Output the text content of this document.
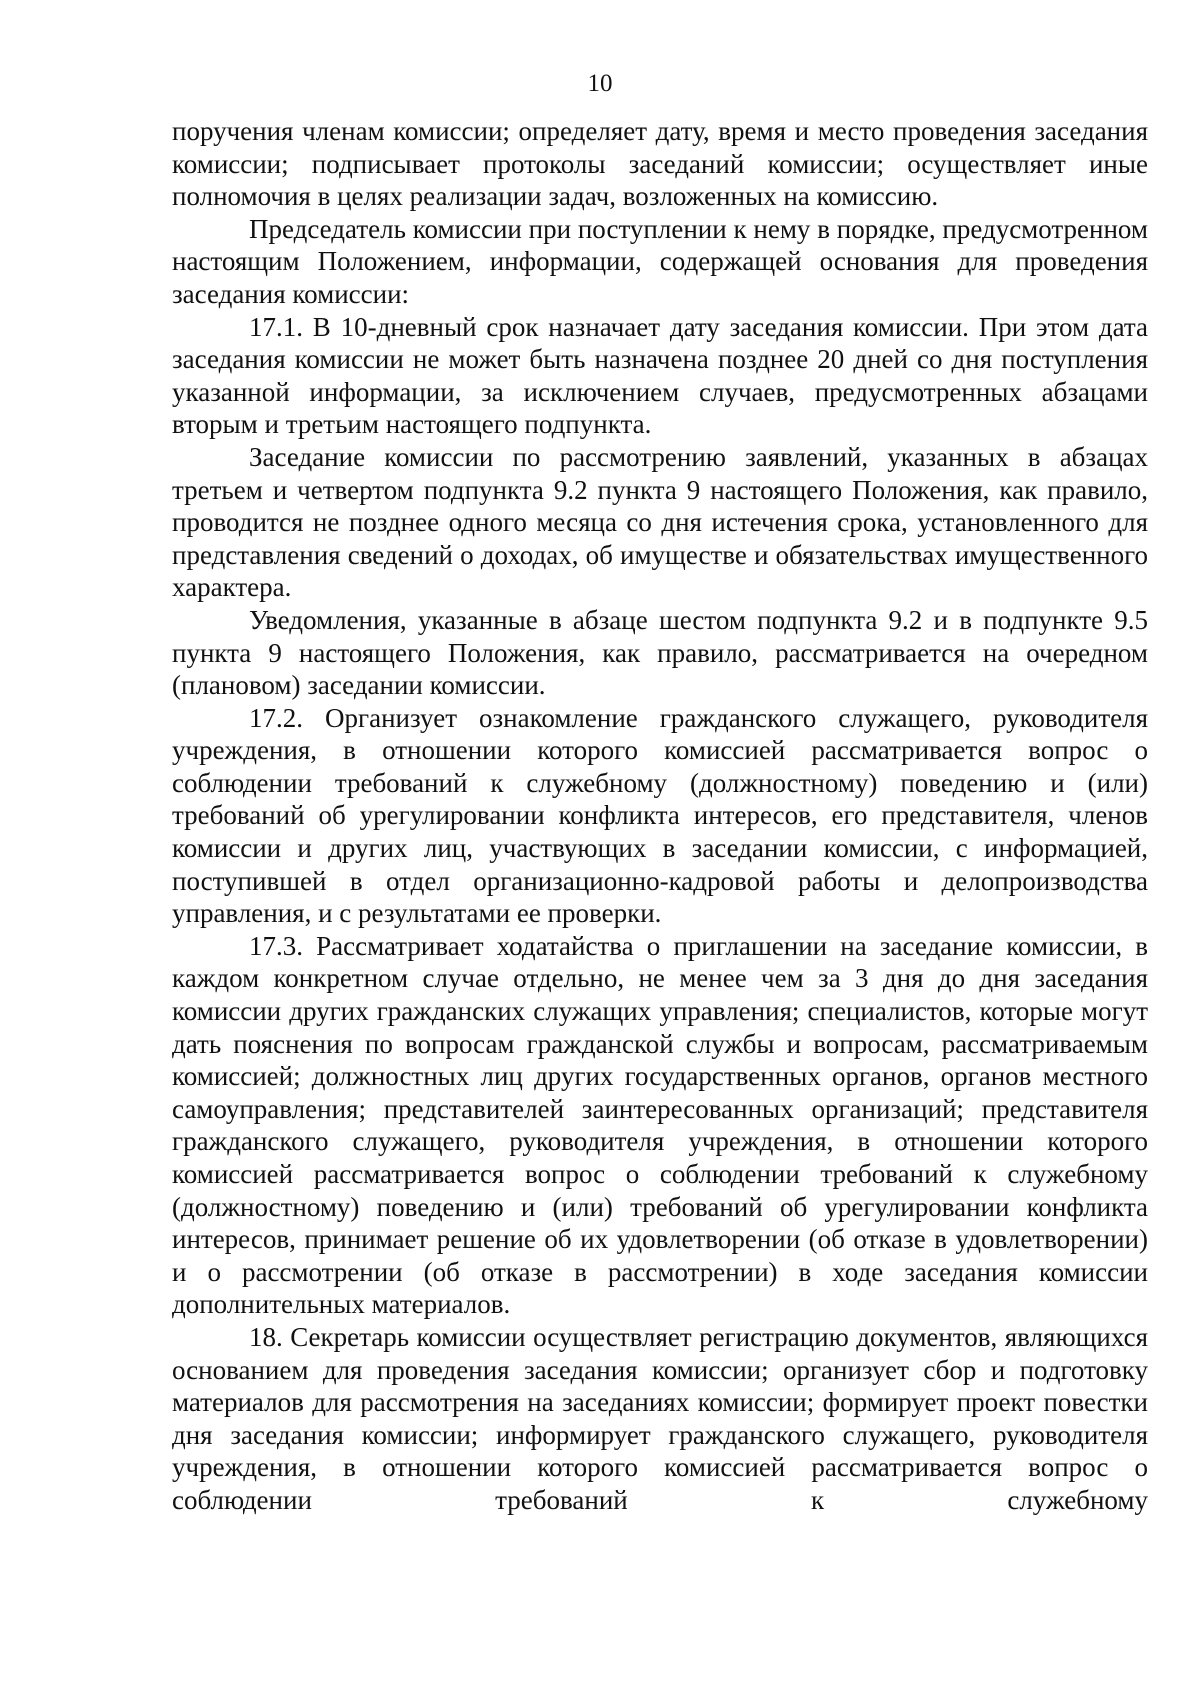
10

поручения членам комиссии; определяет дату, время и место проведения заседания комиссии; подписывает протоколы заседаний комиссии; осуществляет иные полномочия в целях реализации задач, возложенных на комиссию.

Председатель комиссии при поступлении к нему в порядке, предусмотренном настоящим Положением, информации, содержащей основания для проведения заседания комиссии:

17.1. В 10-дневный срок назначает дату заседания комиссии. При этом дата заседания комиссии не может быть назначена позднее 20 дней со дня поступления указанной информации, за исключением случаев, предусмотренных абзацами вторым и третьим настоящего подпункта.

Заседание комиссии по рассмотрению заявлений, указанных в абзацах третьем и четвертом подпункта 9.2 пункта 9 настоящего Положения, как правило, проводится не позднее одного месяца со дня истечения срока, установленного для представления сведений о доходах, об имуществе и обязательствах имущественного характера.

Уведомления, указанные в абзаце шестом подпункта 9.2 и в подпункте 9.5 пункта 9 настоящего Положения, как правило, рассматривается на очередном (плановом) заседании комиссии.

17.2. Организует ознакомление гражданского служащего, руководителя учреждения, в отношении которого комиссией рассматривается вопрос о соблюдении требований к служебному (должностному) поведению и (или) требований об урегулировании конфликта интересов, его представителя, членов комиссии и других лиц, участвующих в заседании комиссии, с информацией, поступившей в отдел организационно-кадровой работы и делопроизводства управления, и с результатами ее проверки.

17.3. Рассматривает ходатайства о приглашении на заседание комиссии, в каждом конкретном случае отдельно, не менее чем за 3 дня до дня заседания комиссии других гражданских служащих управления; специалистов, которые могут дать пояснения по вопросам гражданской службы и вопросам, рассматриваемым комиссией; должностных лиц других государственных органов, органов местного самоуправления; представителей заинтересованных организаций; представителя гражданского служащего, руководителя учреждения, в отношении которого комиссией рассматривается вопрос о соблюдении требований к служебному (должностному) поведению и (или) требований об урегулировании конфликта интересов, принимает решение об их удовлетворении (об отказе в удовлетворении) и о рассмотрении (об отказе в рассмотрении) в ходе заседания комиссии дополнительных материалов.

18. Секретарь комиссии осуществляет регистрацию документов, являющихся основанием для проведения заседания комиссии; организует сбор и подготовку материалов для рассмотрения на заседаниях комиссии; формирует проект повестки дня заседания комиссии; информирует гражданского служащего, руководителя учреждения, в отношении которого комиссией рассматривается вопрос о соблюдении требований к служебному
